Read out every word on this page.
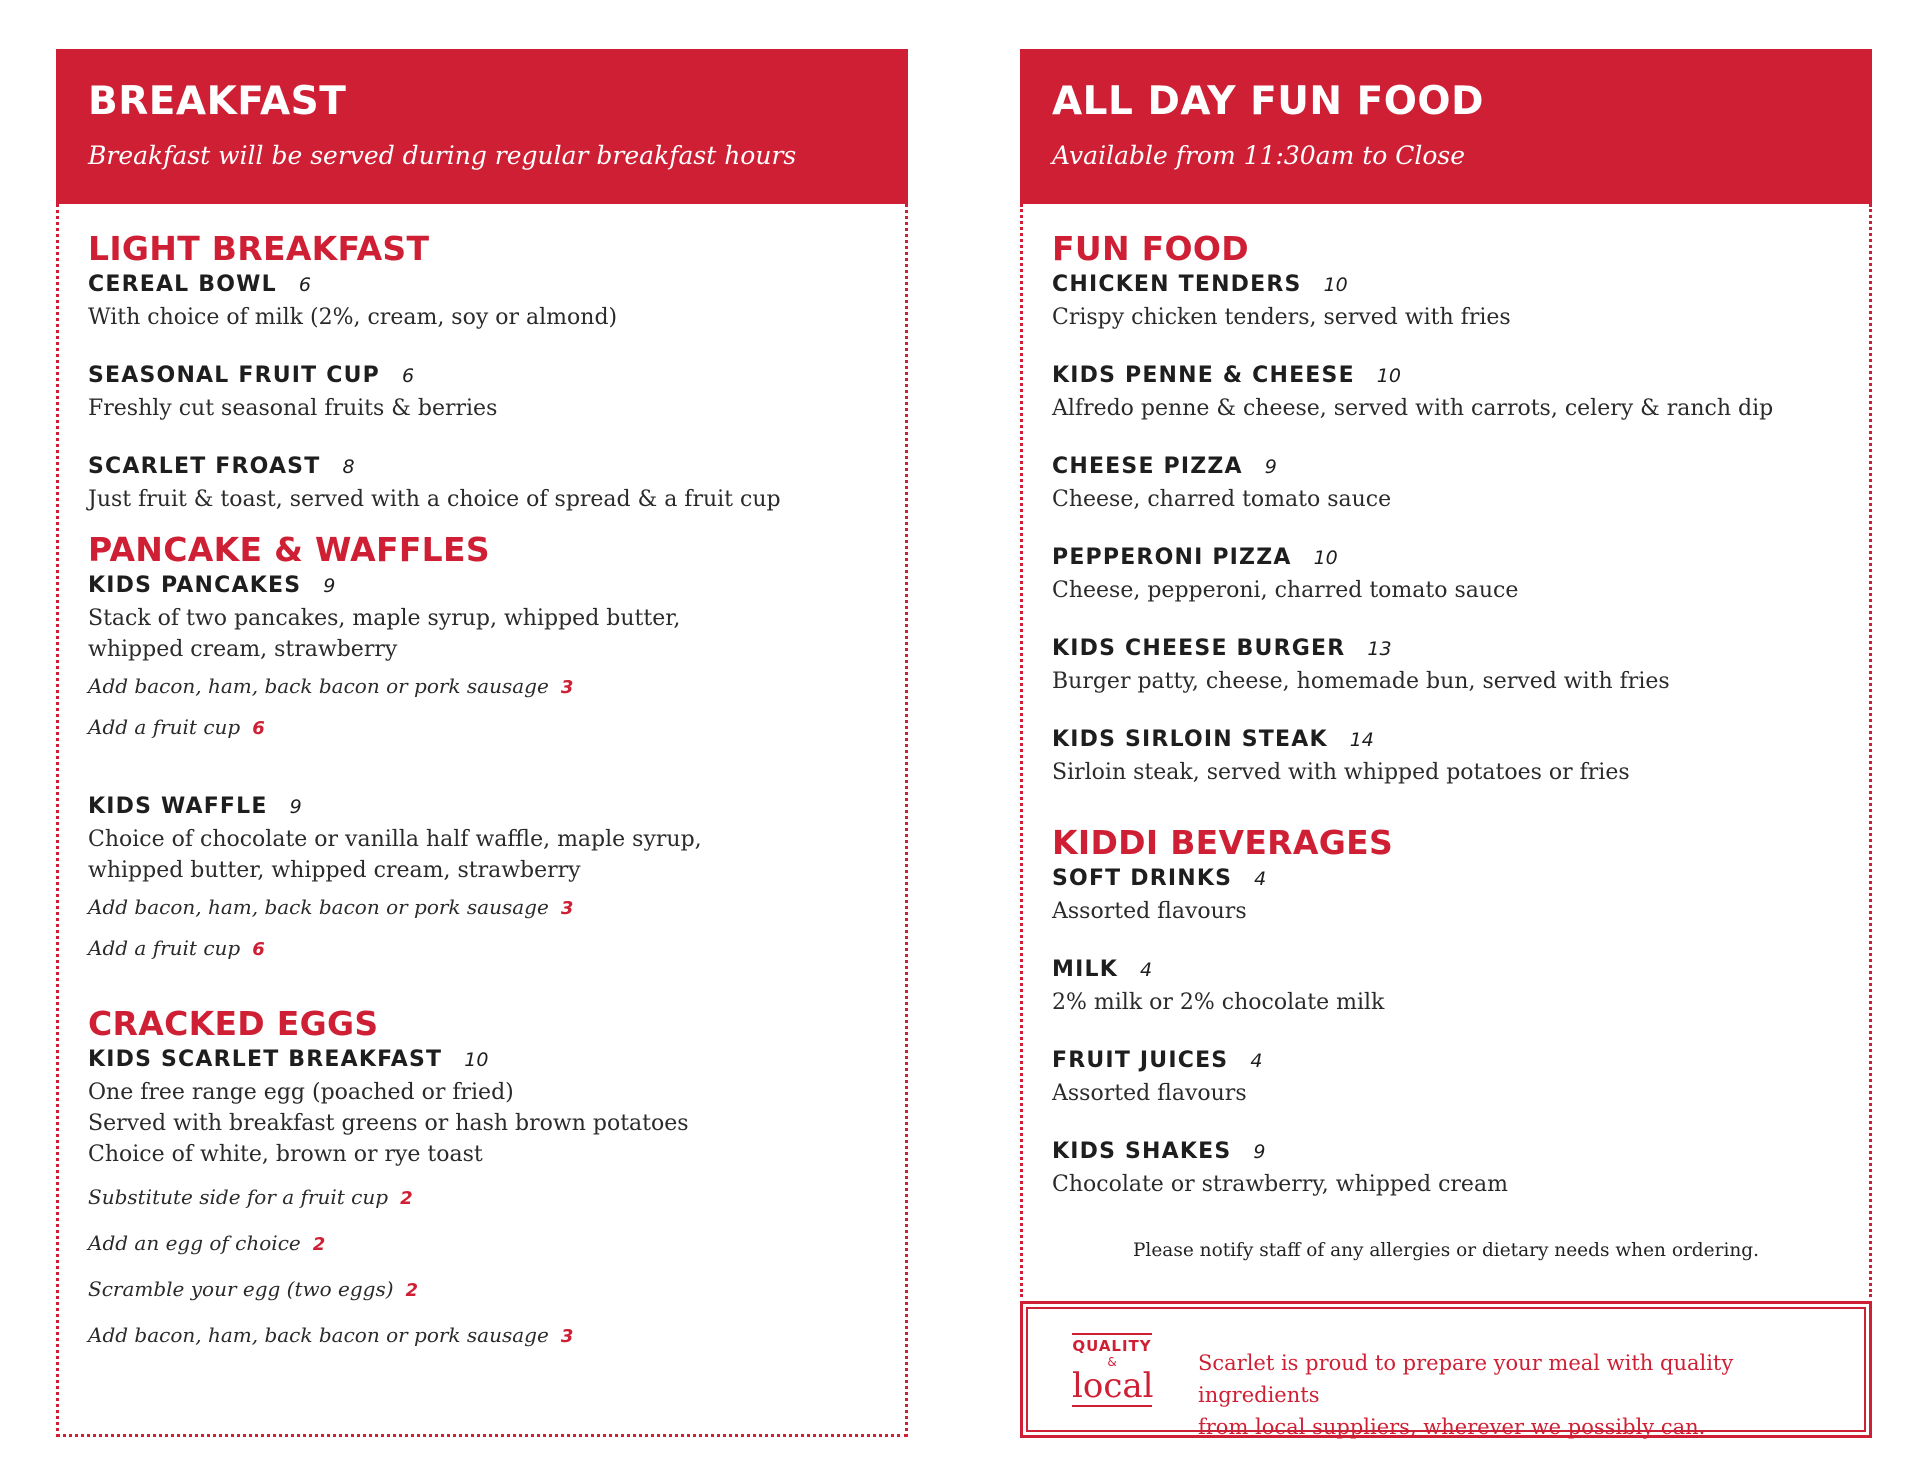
BREAKFAST
Breakfast will be served during regular breakfast hours
LIGHT BREAKFAST
CEREAL BOWL 6
With choice of milk (2%, cream, soy or almond)
SEASONAL FRUIT CUP 6
Freshly cut seasonal fruits & berries
SCARLET FROAST 8
Just fruit & toast, served with a choice of spread & a fruit cup
PANCAKE & WAFFLES
KIDS PANCAKES 9
Stack of two pancakes, maple syrup, whipped butter,
whipped cream, strawberry
Add bacon, ham, back bacon or pork sausage 3
Add a fruit cup 6
KIDS WAFFLE 9
Choice of chocolate or vanilla half waffle, maple syrup,
whipped butter, whipped cream, strawberry
Add bacon, ham, back bacon or pork sausage 3
Add a fruit cup 6
CRACKED EGGS
KIDS SCARLET BREAKFAST 10
One free range egg (poached or fried)
Served with breakfast greens or hash brown potatoes
Choice of white, brown or rye toast
Substitute side for a fruit cup 2
Add an egg of choice 2
Scramble your egg (two eggs) 2
Add bacon, ham, back bacon or pork sausage 3
ALL DAY FUN FOOD
Available from 11:30am to Close
FUN FOOD
CHICKEN TENDERS 10
Crispy chicken tenders, served with fries
KIDS PENNE & CHEESE 10
Alfredo penne & cheese, served with carrots, celery & ranch dip
CHEESE PIZZA 9
Cheese, charred tomato sauce
PEPPERONI PIZZA 10
Cheese, pepperoni, charred tomato sauce
KIDS CHEESE BURGER 13
Burger patty, cheese, homemade bun, served with fries
KIDS SIRLOIN STEAK 14
Sirloin steak, served with whipped potatoes or fries
KIDDI BEVERAGES
SOFT DRINKS 4
Assorted flavours
MILK 4
2% milk or 2% chocolate milk
FRUIT JUICES 4
Assorted flavours
KIDS SHAKES 9
Chocolate or strawberry, whipped cream
Please notify staff of any allergies or dietary needs when ordering.
QUALITY
&
local
Scarlet is proud to prepare your meal with quality ingredients
from local suppliers, wherever we possibly can.
